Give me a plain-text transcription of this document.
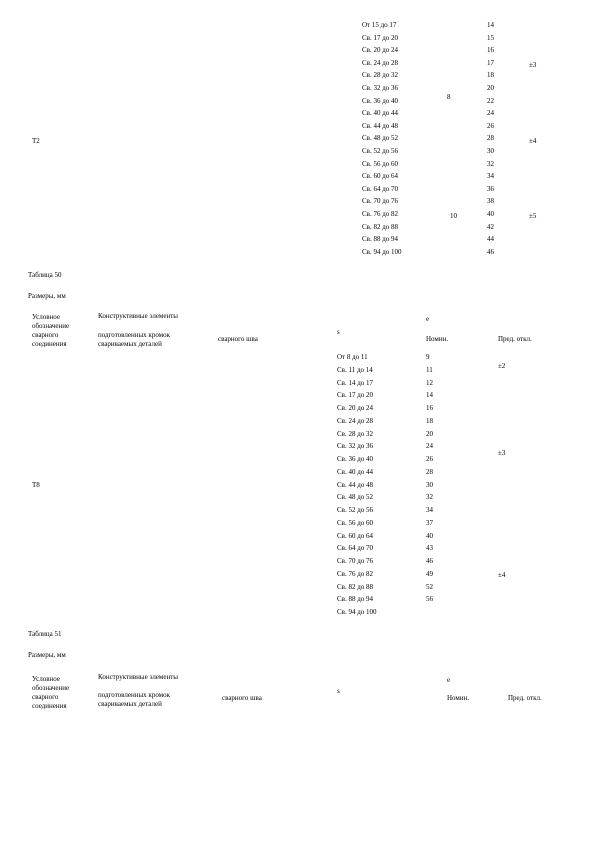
Т2
От 15 до 17
Св. 17 до 20
Св. 20 до 24
Св. 24 до 28
Св. 28 до 32
Св. 32 до 36
Св. 36 до 40
Св. 40 до 44
Св. 44 до 48
Св. 48 до 52
Св. 52 до 56
Св. 56 до 60
Св. 60 до 64
Св. 64 до 70
Св. 70 до 76
Св. 76 до 82
Св. 82 до 88
Св. 88 до 94
Св. 94 до 100
14
15
16
17
18
20
22
24
26
28
30
32
34
36
38
40
42
44
46
8
10
±3
±4
±5
Таблица 50
Размеры, мм
Условное обозначение сварного соединения
Конструктивные элементы
подготовленных кромок свариваемых деталей
сварного шва
s
e
Номин.	Пред. откл.
Т8
От 8 до 11
Св. 11 до 14
Св. 14 до 17
Св. 17 до 20
Св. 20 до 24
Св. 24 до 28
Св. 28 до 32
Св. 32 до 36
Св. 36 до 40
Св. 40 до 44
Св. 44 до 48
Св. 48 до 52
Св. 52 до 56
Св. 56 до 60
Св. 60 до 64
Св. 64 до 70
Св. 70 до 76
Св. 76 до 82
Св. 82 до 88
Св. 88 до 94
Св. 94 до 100
9
11
12
14
16
18
20
24
26
28
30
32
34
37
40
43
46
49
52
56
±2
±3
±4
Таблица 51
Размеры, мм
Условное обозначение сварного соединения
Конструктивные элементы
подготовленных кромок свариваемых деталей
сварного шва
s
e
Номин.	Пред. откл.
